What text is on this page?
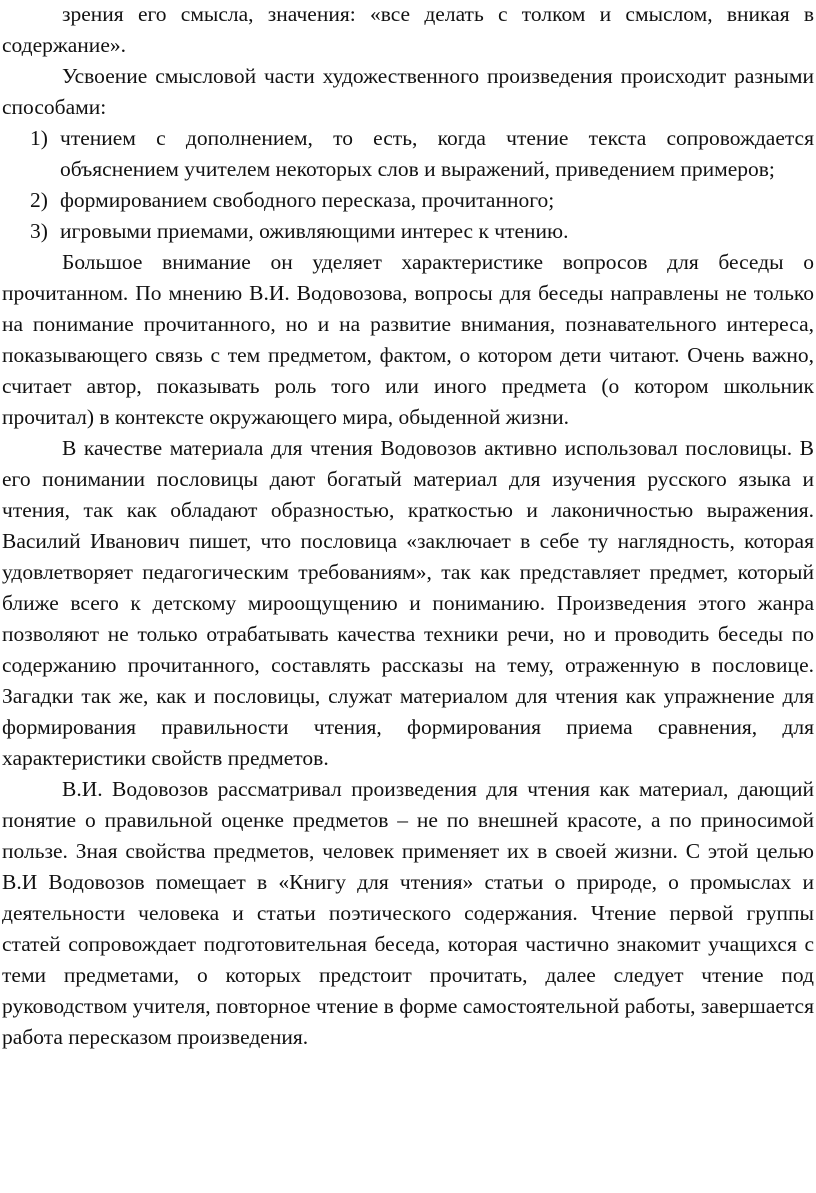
зрения его смысла, значения: «все делать с толком и смыслом, вникая в содержание».

Усвоение смысловой части художественного произведения происходит разными способами:

1) чтением с дополнением, то есть, когда чтение текста сопровождается объяснением учителем некоторых слов и выражений, приведением примеров;
2) формированием свободного пересказа, прочитанного;
3) игровыми приемами, оживляющими интерес к чтению.

Большое внимание он уделяет характеристике вопросов для беседы о прочитанном. По мнению В.И. Водовозова, вопросы для беседы направлены не только на понимание прочитанного, но и на развитие внимания, познавательного интереса, показывающего связь с тем предметом, фактом, о котором дети читают. Очень важно, считает автор, показывать роль того или иного предмета (о котором школьник прочитал) в контексте окружающего мира, обыденной жизни.

В качестве материала для чтения Водовозов активно использовал пословицы. В его понимании пословицы дают богатый материал для изучения русского языка и чтения, так как обладают образностью, краткостью и лаконичностью выражения. Василий Иванович пишет, что пословица «заключает в себе ту наглядность, которая удовлетворяет педагогическим требованиям», так как представляет предмет, который ближе всего к детскому мироощущению и пониманию. Произведения этого жанра позволяют не только отрабатывать качества техники речи, но и проводить беседы по содержанию прочитанного, составлять рассказы на тему, отраженную в пословице. Загадки так же, как и пословицы, служат материалом для чтения как упражнение для формирования правильности чтения, формирования приема сравнения, для характеристики свойств предметов.

В.И. Водовозов рассматривал произведения для чтения как материал, дающий понятие о правильной оценке предметов – не по внешней красоте, а по приносимой пользе. Зная свойства предметов, человек применяет их в своей жизни. С этой целью В.И Водовозов помещает в «Книгу для чтения» статьи о природе, о промыслах и деятельности человека и статьи поэтического содержания. Чтение первой группы статей сопровождает подготовительная беседа, которая частично знакомит учащихся с теми предметами, о которых предстоит прочитать, далее следует чтение под руководством учителя, повторное чтение в форме самостоятельной работы, завершается работа пересказом произведения.
